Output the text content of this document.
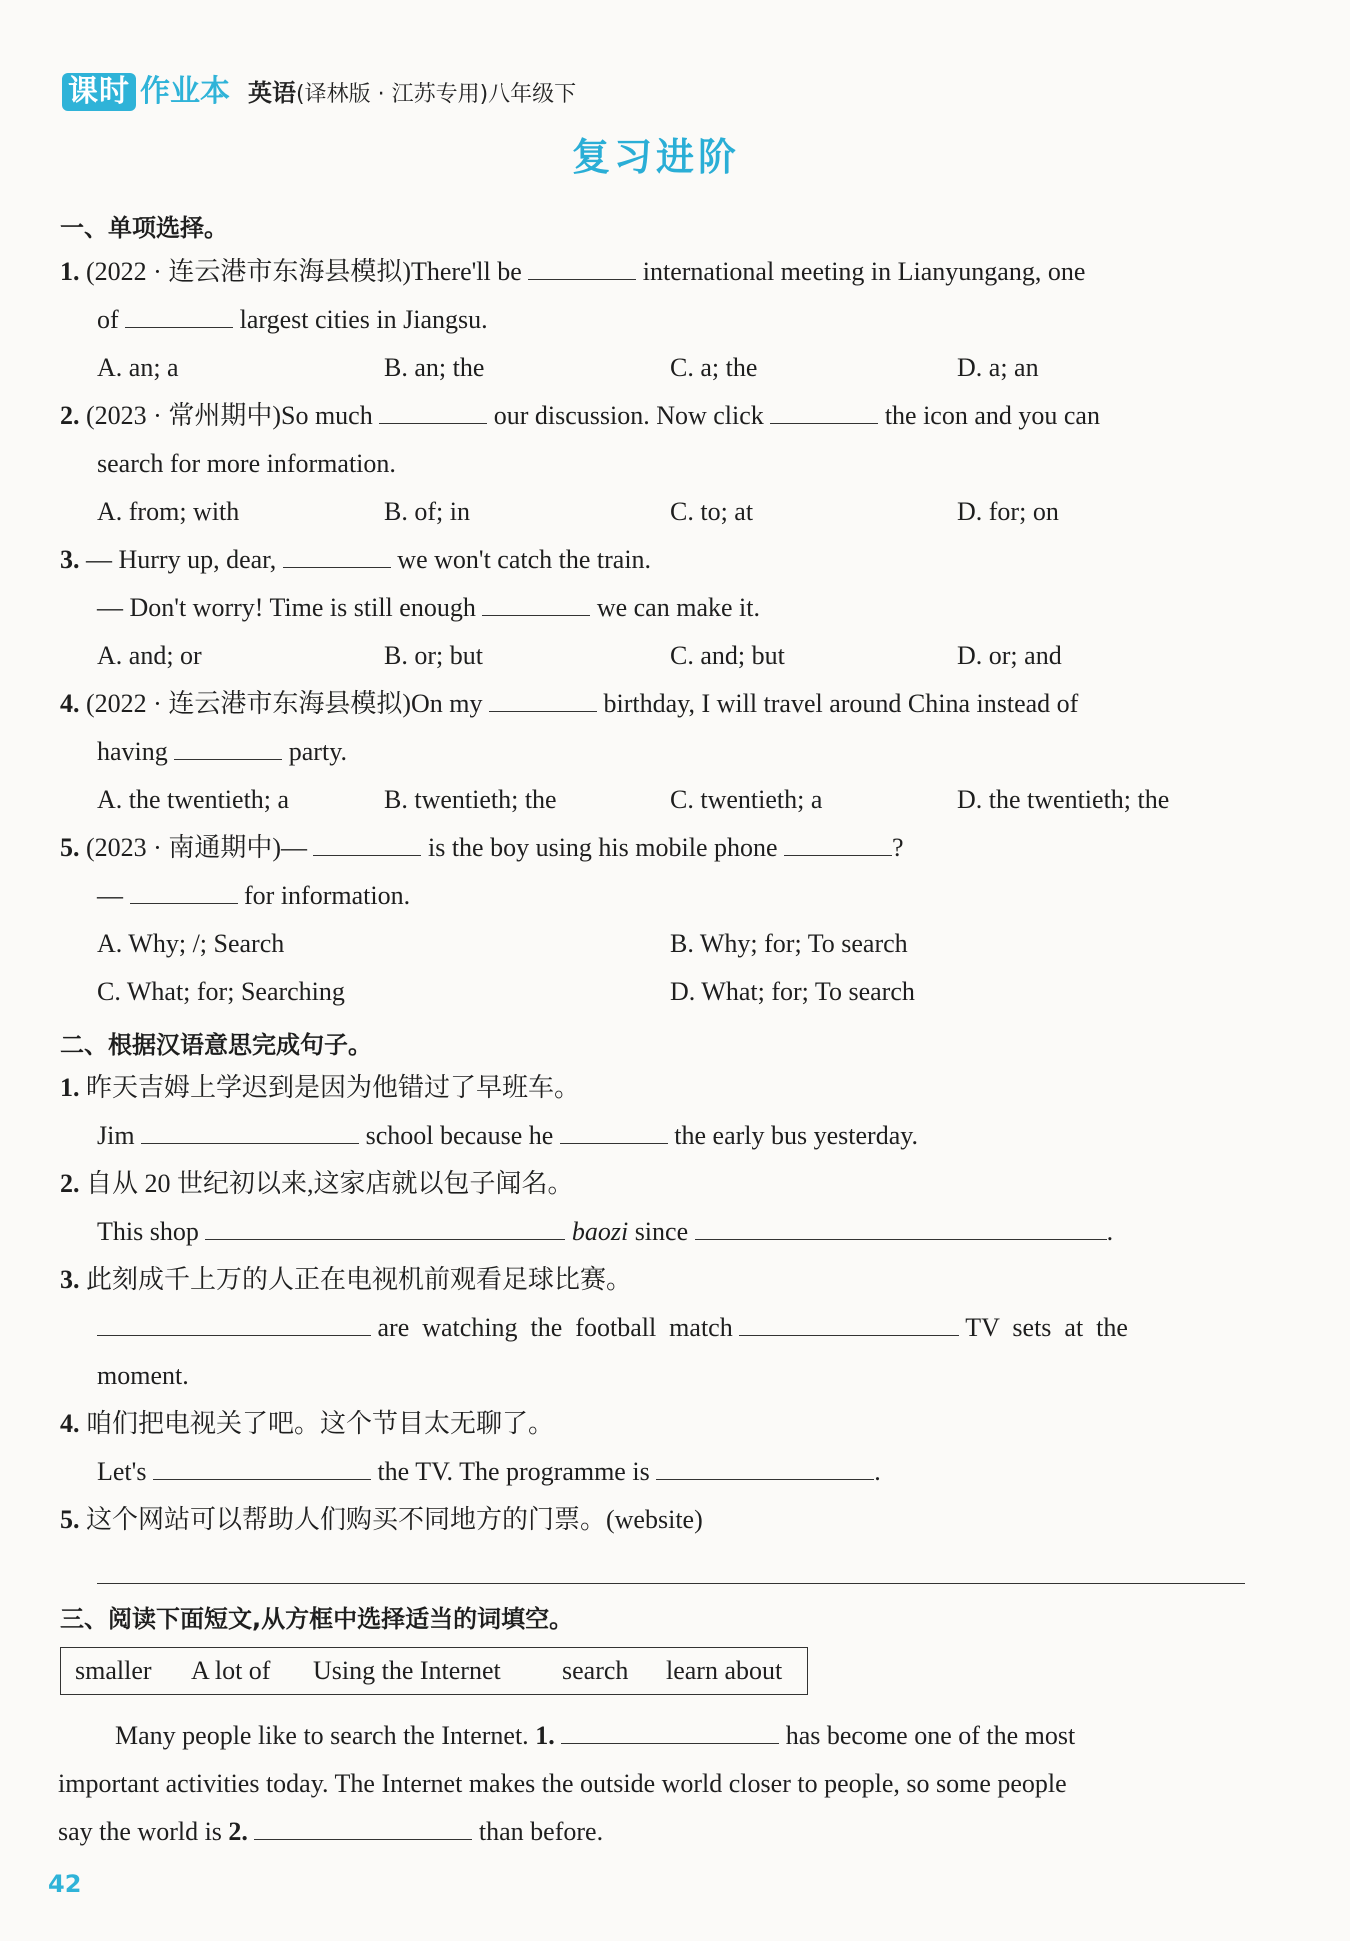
课时 作业本 英语(译林版 · 江苏专用)八年级下
复习进阶
一、单项选择。
1. (2022 · 连云港市东海县模拟)There'll be	international meeting in Lianyungang, one
of	largest cities in Jiangsu.
A. an; a	B. an; the	C. a; the	D. a; an
2. (2023 · 常州期中)So much	our discussion. Now click	the icon and you can
search for more information.
A. from; with	B. of; in	C. to; at	D. for; on
3. — Hurry up, dear,	we won't catch the train.
— Don't worry! Time is still enough	we can make it.
A. and; or	B. or; but	C. and; but	D. or; and
4. (2022 · 连云港市东海县模拟)On my	birthday, I will travel around China instead of
having	party.
A. the twentieth; a	B. twentieth; the	C. twentieth; a	D. the twentieth; the
5. (2023 · 南通期中)—	is the boy using his mobile phone	?
—	for information.
A. Why; /; Search	B. Why; for; To search
C. What; for; Searching	D. What; for; To search
二、根据汉语意思完成句子。
1. 昨天吉姆上学迟到是因为他错过了早班车。
Jim	school because he	the early bus yesterday.
2. 自从 20 世纪初以来,这家店就以包子闻名。
This shop	baozi since	.
3. 此刻成千上万的人正在电视机前观看足球比赛。
are  watching  the  football  match	TV  sets  at  the
moment.
4. 咱们把电视关了吧。这个节目太无聊了。
Let's	the TV. The programme is	.
5. 这个网站可以帮助人们购买不同地方的门票。(website)
三、阅读下面短文,从方框中选择适当的词填空。
smaller A lot of Using the Internet search learn about
Many people like to search the Internet. 1.	has become one of the most
important activities today. The Internet makes the outside world closer to people, so some people
say the world is 2.	than before.
42
